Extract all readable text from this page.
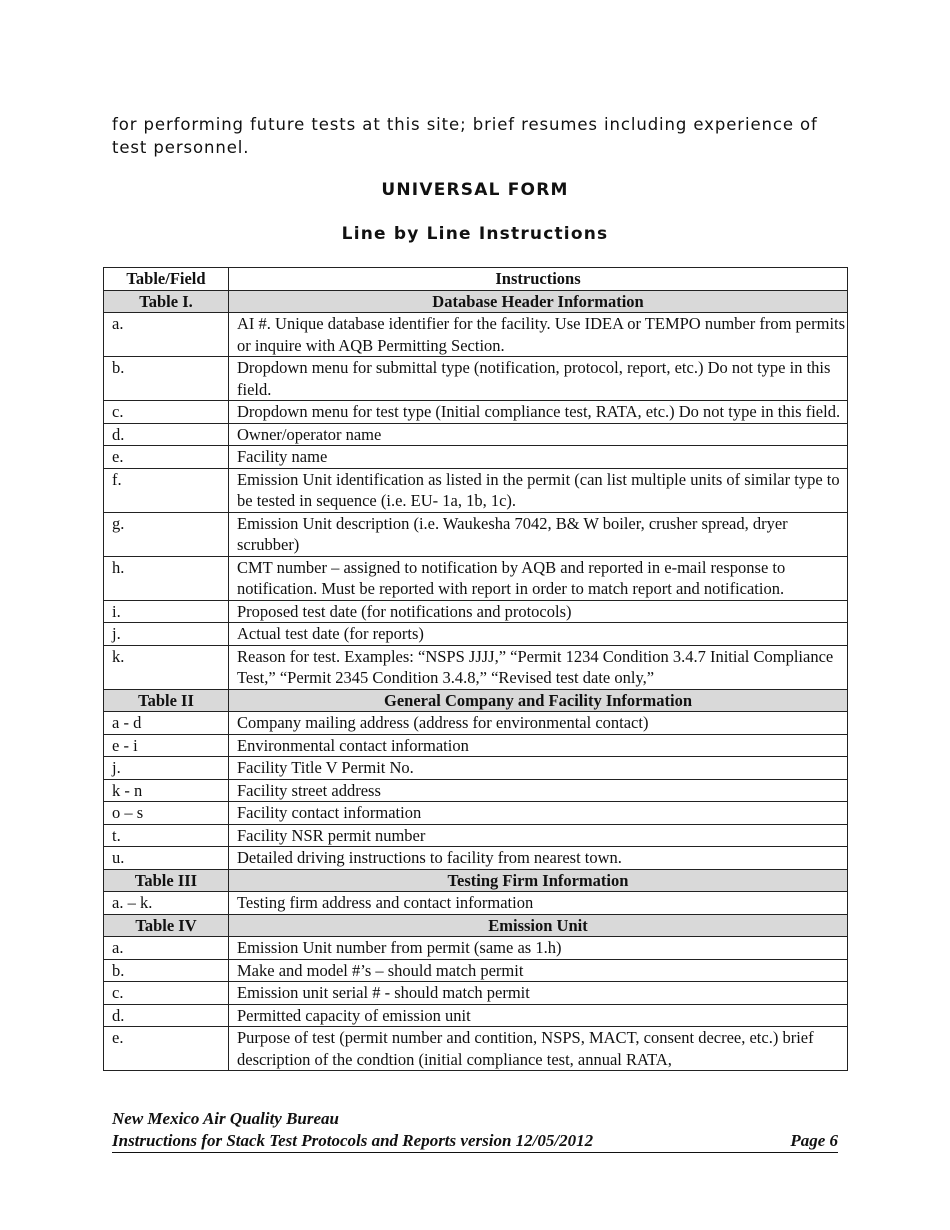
for performing future tests at this site; brief resumes including experience of test personnel.
UNIVERSAL FORM
Line by Line Instructions
Table/Field	Instructions
Table I.	Database Header Information
a.	AI #. Unique database identifier for the facility. Use IDEA or TEMPO number from permits or inquire with AQB Permitting Section.
b.	Dropdown menu for submittal type (notification, protocol, report, etc.) Do not type in this field.
c.	Dropdown menu for test type (Initial compliance test, RATA, etc.) Do not type in this field.
d.	Owner/operator name
e.	Facility name
f.	Emission Unit identification as listed in the permit (can list multiple units of similar type to be tested in sequence (i.e. EU- 1a, 1b, 1c).
g.	Emission Unit description (i.e. Waukesha 7042, B& W boiler, crusher spread, dryer scrubber)
h.	CMT number – assigned to notification by AQB and reported in e-mail response to notification. Must be reported with report in order to match report and notification.
i.	Proposed test date (for notifications and protocols)
j.	Actual test date (for reports)
k.	Reason for test. Examples: “NSPS JJJJ,” “Permit 1234 Condition 3.4.7 Initial Compliance Test,” “Permit 2345 Condition 3.4.8,” “Revised test date only,”
Table II	General Company and Facility Information
a - d	Company mailing address (address for environmental contact)
e - i	Environmental contact information
j.	Facility Title V Permit No.
k - n	Facility street address
o – s	Facility contact information
t.	Facility NSR permit number
u.	Detailed driving instructions to facility from nearest town.
Table III	Testing Firm Information
a. – k.	Testing firm address and contact information
Table IV	Emission Unit
a.	Emission Unit number from permit (same as 1.h)
b.	Make and model #’s – should match permit
c.	Emission unit serial # - should match permit
d.	Permitted capacity of emission unit
e.	Purpose of test (permit number and contition, NSPS, MACT, consent decree, etc.) brief description of the condtion (initial compliance test, annual RATA,
New Mexico Air Quality Bureau
Instructions for Stack Test Protocols and Reports version 12/05/2012	Page 6
